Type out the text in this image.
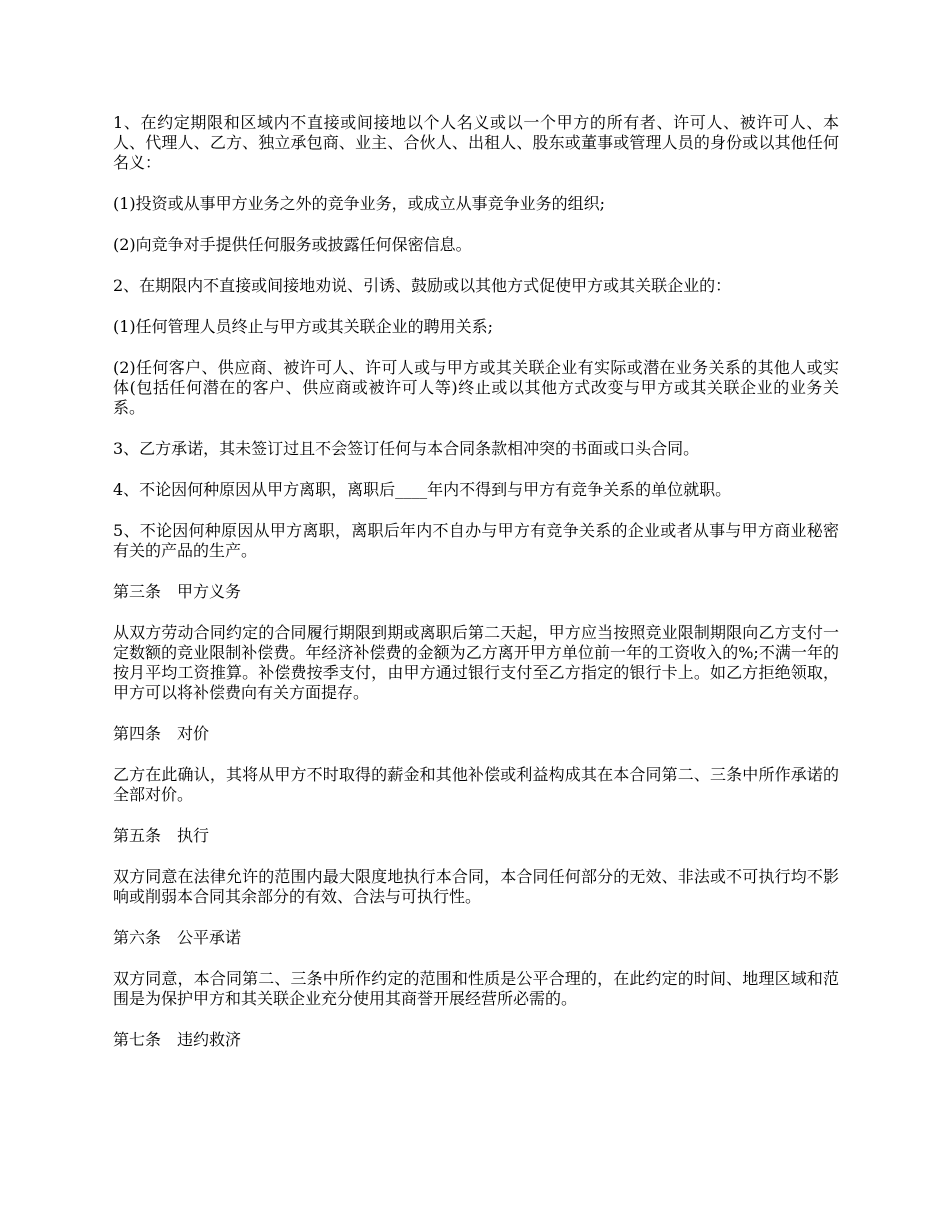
1、在约定期限和区域内不直接或间接地以个人名义或以一个甲方的所有者、许可人、被许可人、本人、代理人、乙方、独立承包商、业主、合伙人、出租人、股东或董事或管理人员的身份或以其他任何名义：

(1)投资或从事甲方业务之外的竞争业务，或成立从事竞争业务的组织;

(2)向竞争对手提供任何服务或披露任何保密信息。

2、在期限内不直接或间接地劝说、引诱、鼓励或以其他方式促使甲方或其关联企业的：

(1)任何管理人员终止与甲方或其关联企业的聘用关系;

(2)任何客户、供应商、被许可人、许可人或与甲方或其关联企业有实际或潜在业务关系的其他人或实体(包括任何潜在的客户、供应商或被许可人等)终止或以其他方式改变与甲方或其关联企业的业务关系。

3、乙方承诺，其未签订过且不会签订任何与本合同条款相冲突的书面或口头合同。

4、不论因何种原因从甲方离职，离职后____年内不得到与甲方有竞争关系的单位就职。

5、不论因何种原因从甲方离职，离职后年内不自办与甲方有竞争关系的企业或者从事与甲方商业秘密有关的产品的生产。

第三条　甲方义务

从双方劳动合同约定的合同履行期限到期或离职后第二天起，甲方应当按照竞业限制期限向乙方支付一定数额的竞业限制补偿费。年经济补偿费的金额为乙方离开甲方单位前一年的工资收入的%;不满一年的按月平均工资推算。补偿费按季支付，由甲方通过银行支付至乙方指定的银行卡上。如乙方拒绝领取，甲方可以将补偿费向有关方面提存。

第四条　对价

乙方在此确认，其将从甲方不时取得的薪金和其他补偿或利益构成其在本合同第二、三条中所作承诺的全部对价。

第五条　执行

双方同意在法律允许的范围内最大限度地执行本合同，本合同任何部分的无效、非法或不可执行均不影响或削弱本合同其余部分的有效、合法与可执行性。

第六条　公平承诺

双方同意，本合同第二、三条中所作约定的范围和性质是公平合理的，在此约定的时间、地理区域和范围是为保护甲方和其关联企业充分使用其商誉开展经营所必需的。

第七条　违约救济
